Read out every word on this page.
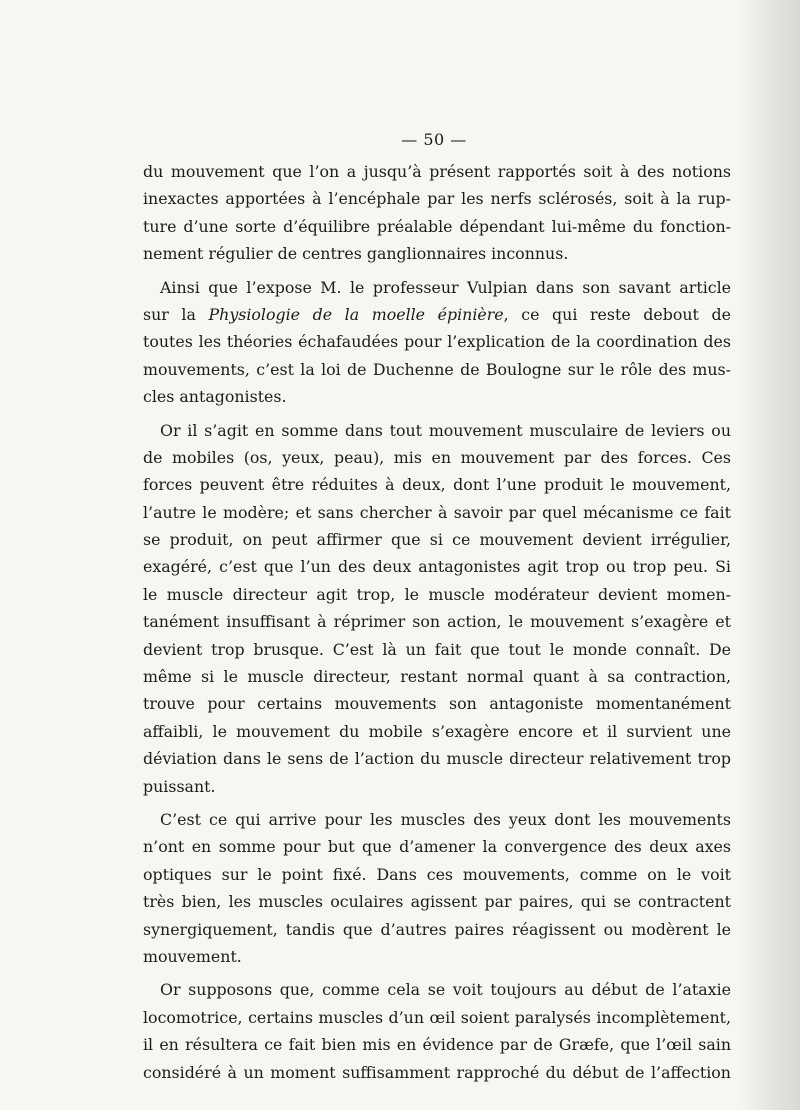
— 50 —
du mouvement que l’on a jusqu’à présent rapportés soit à des notions
inexactes apportées à l’encéphale par les nerfs sclérosés, soit à la rup-
ture d’une sorte d’équilibre préalable dépendant lui-même du fonction-
nement régulier de centres ganglionnaires inconnus.
Ainsi que l’expose M. le professeur Vulpian dans son savant article
sur la Physiologie de la moelle épinière, ce qui reste debout de
toutes les théories échafaudées pour l’explication de la coordination des
mouvements, c’est la loi de Duchenne de Boulogne sur le rôle des mus-
cles antagonistes.
Or il s’agit en somme dans tout mouvement musculaire de leviers ou
de mobiles (os, yeux, peau), mis en mouvement par des forces. Ces
forces peuvent être réduites à deux, dont l’une produit le mouvement,
l’autre le modère; et sans chercher à savoir par quel mécanisme ce fait
se produit, on peut affirmer que si ce mouvement devient irrégulier,
exagéré, c’est que l’un des deux antagonistes agit trop ou trop peu. Si
le muscle directeur agit trop, le muscle modérateur devient momen-
tanément insuffisant à réprimer son action, le mouvement s’exagère et
devient trop brusque. C’est là un fait que tout le monde connaît. De
même si le muscle directeur, restant normal quant à sa contraction,
trouve pour certains mouvements son antagoniste momentanément
affaibli, le mouvement du mobile s’exagère encore et il survient une
déviation dans le sens de l’action du muscle directeur relativement trop
puissant.
C’est ce qui arrive pour les muscles des yeux dont les mouvements
n’ont en somme pour but que d’amener la convergence des deux axes
optiques sur le point fixé. Dans ces mouvements, comme on le voit
très bien, les muscles oculaires agissent par paires, qui se contractent
synergiquement, tandis que d’autres paires réagissent ou modèrent le
mouvement.
Or supposons que, comme cela se voit toujours au début de l’ataxie
locomotrice, certains muscles d’un œil soient paralysés incomplètement,
il en résultera ce fait bien mis en évidence par de Græfe, que l’œil sain
considéré à un moment suffisamment rapproché du début de l’affection
